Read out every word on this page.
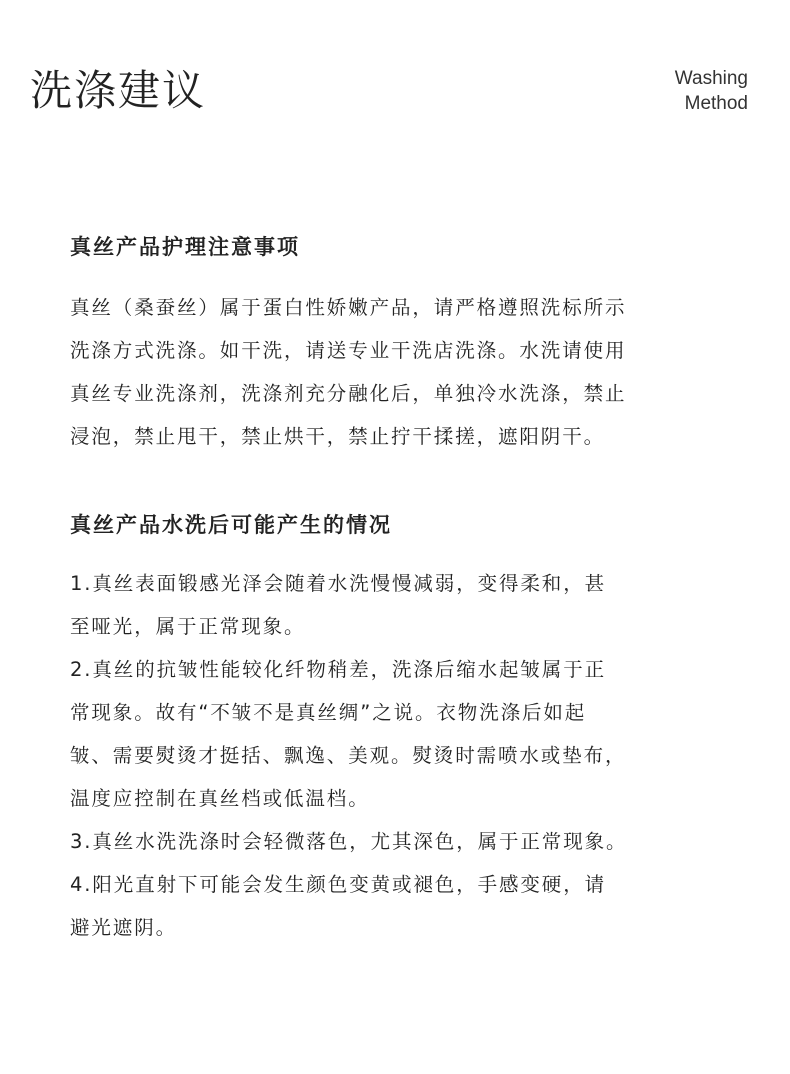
洗涤建议	Washing
Method
真丝产品护理注意事项
真丝（桑蚕丝）属于蛋白性娇嫩产品，请严格遵照洗标所示
洗涤方式洗涤。如干洗，请送专业干洗店洗涤。水洗请使用
真丝专业洗涤剂，洗涤剂充分融化后，单独冷水洗涤，禁止
浸泡，禁止甩干，禁止烘干，禁止拧干揉搓，遮阳阴干。
真丝产品水洗后可能产生的情况
1.真丝表面锻感光泽会随着水洗慢慢减弱，变得柔和，甚
至哑光，属于正常现象。
2.真丝的抗皱性能较化纤物稍差，洗涤后缩水起皱属于正
常现象。故有“不皱不是真丝绸”之说。衣物洗涤后如起
皱、需要熨烫才挺括、飘逸、美观。熨烫时需喷水或垫布，
温度应控制在真丝档或低温档。
3.真丝水洗洗涤时会轻微落色，尤其深色，属于正常现象。
4.阳光直射下可能会发生颜色变黄或褪色，手感变硬，请
避光遮阴。
